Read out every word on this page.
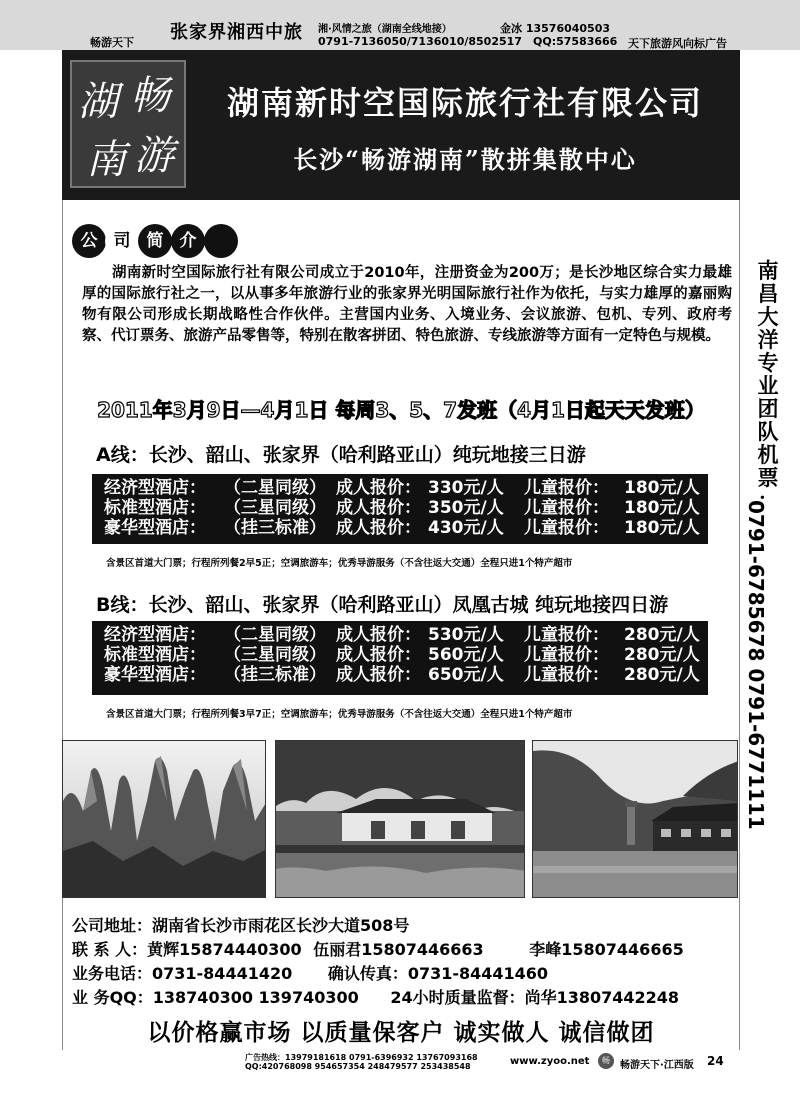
畅游天下 张家界湘西中旅 湘·风情之旅（湖南全线地接）
0791-7136050/7136010/8502517
金冰 13576040503
QQ:57583666 天下旅游风向标广告
湖 畅
南 游
湖南新时空国际旅行社有限公司
长沙“畅游湖南”散拼集散中心
公 司 简 介
湖南新时空国际旅行社有限公司成立于2010年，注册资金为200万；是长沙地区综合实力最雄厚的国际旅行社之一，以从事多年旅游行业的张家界光明国际旅行社作为依托，与实力雄厚的嘉丽购物有限公司形成长期战略性合作伙伴。主营国内业务、入境业务、会议旅游、包机、专列、政府考察、代订票务、旅游产品零售等，特别在散客拼团、特色旅游、专线旅游等方面有一定特色与规模。
2011年3月9日—4月1日 每周3、5、7发班（4月1日起天天发班）
A线：长沙、韶山、张家界（哈利路亚山）纯玩地接三日游
经济型酒店： （二星同级） 成人报价： 330元/人 儿童报价： 180元/人
标准型酒店： （三星同级） 成人报价： 350元/人 儿童报价： 180元/人
豪华型酒店： （挂三标准） 成人报价： 430元/人 儿童报价： 180元/人
含景区首道大门票；行程所列餐2早5正；空调旅游车；优秀导游服务（不含往返大交通）全程只进1个特产超市
B线：长沙、韶山、张家界（哈利路亚山）凤凰古城 纯玩地接四日游
经济型酒店： （二星同级） 成人报价： 530元/人 儿童报价： 280元/人
标准型酒店： （三星同级） 成人报价： 560元/人 儿童报价： 280元/人
豪华型酒店： （挂三标准） 成人报价： 650元/人 儿童报价： 280元/人
含景区首道大门票；行程所列餐3早7正；空调旅游车；优秀导游服务（不含往返大交通）全程只进1个特产超市
公司地址：湖南省长沙市雨花区长沙大道508号
联 系 人：黄辉15874440300 伍丽君15807446663	李峰15807446665
业务电话：0731-84441420 确认传真：0731-84441460
业 务QQ：138740300 139740300 24小时质量监督：尚华13807442248
以价格赢市场 以质量保客户 诚实做人 诚信做团
南
昌
大
洋
专
业
团
队
机
票
：
0791-6785678 0791-6771111
广告热线：13979181618 0791-6396932 13767093168
QQ:420768098 954657354 248479577 253438548	www.zyoo.net	畅	畅游天下·江西版 24
